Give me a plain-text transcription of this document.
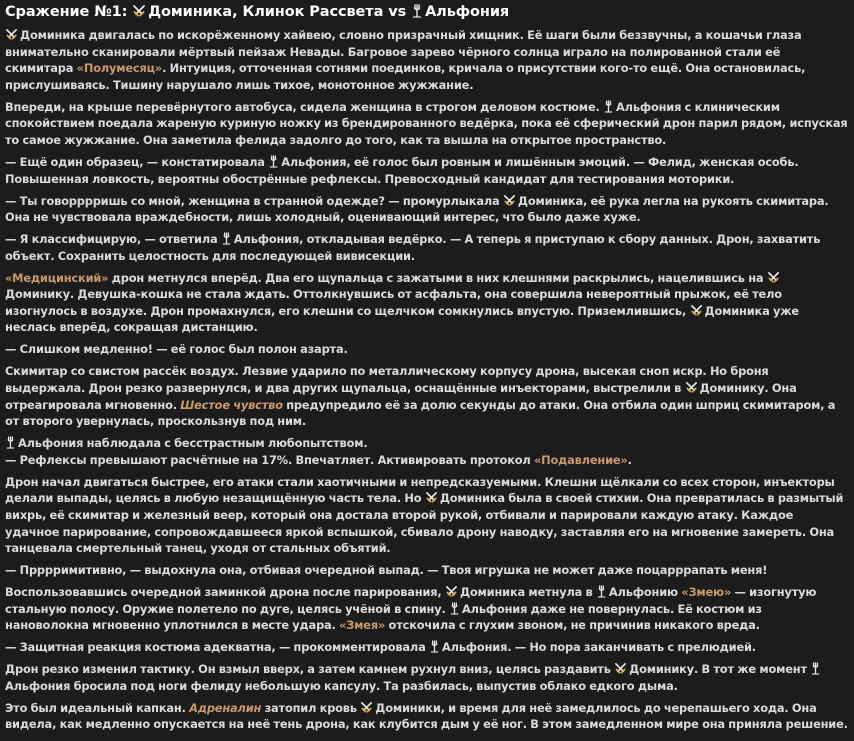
Сражение №1:
Доминика, Клинок Рассвета vs
Альфония

Доминика двигалась по искорёженному хайвею, словно призрачный хищник. Её шаги были беззвучны, а кошачьи глаза внимательно сканировали мёртвый пейзаж Невады. Багровое зарево чёрного солнца играло на полированной стали её скимитара «Полумесяц». Интуиция, отточенная сотнями поединков, кричала о присутствии кого-то ещё. Она остановилась, прислушиваясь. Тишину нарушало лишь тихое, монотонное жужжание.

Впереди, на крыше перевёрнутого автобуса, сидела женщина в строгом деловом костюме.
Альфония с клиническим спокойствием поедала жареную куриную ножку из брендированного ведёрка, пока её сферический дрон парил рядом, испуская то самое жужжание. Она заметила фелида задолго до того, как та вышла на открытое пространство.

— Ещё один образец, — констатировала
Альфония, её голос был ровным и лишённым эмоций. — Фелид, женская особь. Повышенная ловкость, вероятны обострённые рефлексы. Превосходный кандидат для тестирования моторики.

— Ты говорррришь со мной, женщина в странной одежде? — промурлыкала
Доминика, её рука легла на рукоять скимитара. Она не чувствовала враждебности, лишь холодный, оценивающий интерес, что было даже хуже.

— Я классифицирую, — ответила
Альфония, откладывая ведёрко. — А теперь я приступаю к сбору данных. Дрон, захватить объект. Сохранить целостность для последующей вивисекции.

«Медицинский» дрон метнулся вперёд. Два его щупальца с зажатыми в них клешнями раскрылись, нацелившись на
Доминику. Девушка-кошка не стала ждать. Оттолкнувшись от асфальта, она совершила невероятный прыжок, её тело изогнулось в воздухе. Дрон промахнулся, его клешни со щелчком сомкнулись впустую. Приземлившись,
Доминика уже неслась вперёд, сокращая дистанцию.

— Слишком медленно! — её голос был полон азарта.

Скимитар со свистом рассёк воздух. Лезвие ударило по металлическому корпусу дрона, высекая сноп искр. Но броня выдержала. Дрон резко развернулся, и два других щупальца, оснащённые инъекторами, выстрелили в
Доминику. Она отреагировала мгновенно. Шестое чувство предупредило её за долю секунды до атаки. Она отбила один шприц скимитаром, а от второго увернулась, проскользнув под ним.

Альфония наблюдала с бесстрастным любопытством.
— Рефлексы превышают расчётные на 17%. Впечатляет. Активировать протокол «Подавление».

Дрон начал двигаться быстрее, его атаки стали хаотичными и непредсказуемыми. Клешни щёлкали со всех сторон, инъекторы делали выпады, целясь в любую незащищённую часть тела. Но
Доминика была в своей стихии. Она превратилась в размытый вихрь, её скимитар и железный веер, который она достала второй рукой, отбивали и парировали каждую атаку. Каждое удачное парирование, сопровождавшееся яркой вспышкой, сбивало дрону наводку, заставляя его на мгновение замереть. Она танцевала смертельный танец, уходя от стальных объятий.

— Прррримитивно, — выдохнула она, отбивая очередной выпад. — Твоя игрушка не может даже поцарррапать меня!

Воспользовавшись очередной заминкой дрона после парирования,
Доминика метнула в
Альфонию «Змею» — изогнутую стальную полосу. Оружие полетело по дуге, целясь учёной в спину.
Альфония даже не повернулась. Её костюм из нановолокна мгновенно уплотнился в месте удара. «Змея» отскочила с глухим звоном, не причинив никакого вреда.

— Защитная реакция костюма адекватна, — прокомментировала
Альфония. — Но пора заканчивать с прелюдией.

Дрон резко изменил тактику. Он взмыл вверх, а затем камнем рухнул вниз, целясь раздавить
Доминику. В тот же момент
Альфония бросила под ноги фелиду небольшую капсулу. Та разбилась, выпустив облако едкого дыма.

Это был идеальный капкан. Адреналин затопил кровь
Доминики, и время для неё замедлилось до черепашьего хода. Она видела, как медленно опускается на неё тень дрона, как клубится дым у её ног. В этом замедленном мире она приняла решение.
